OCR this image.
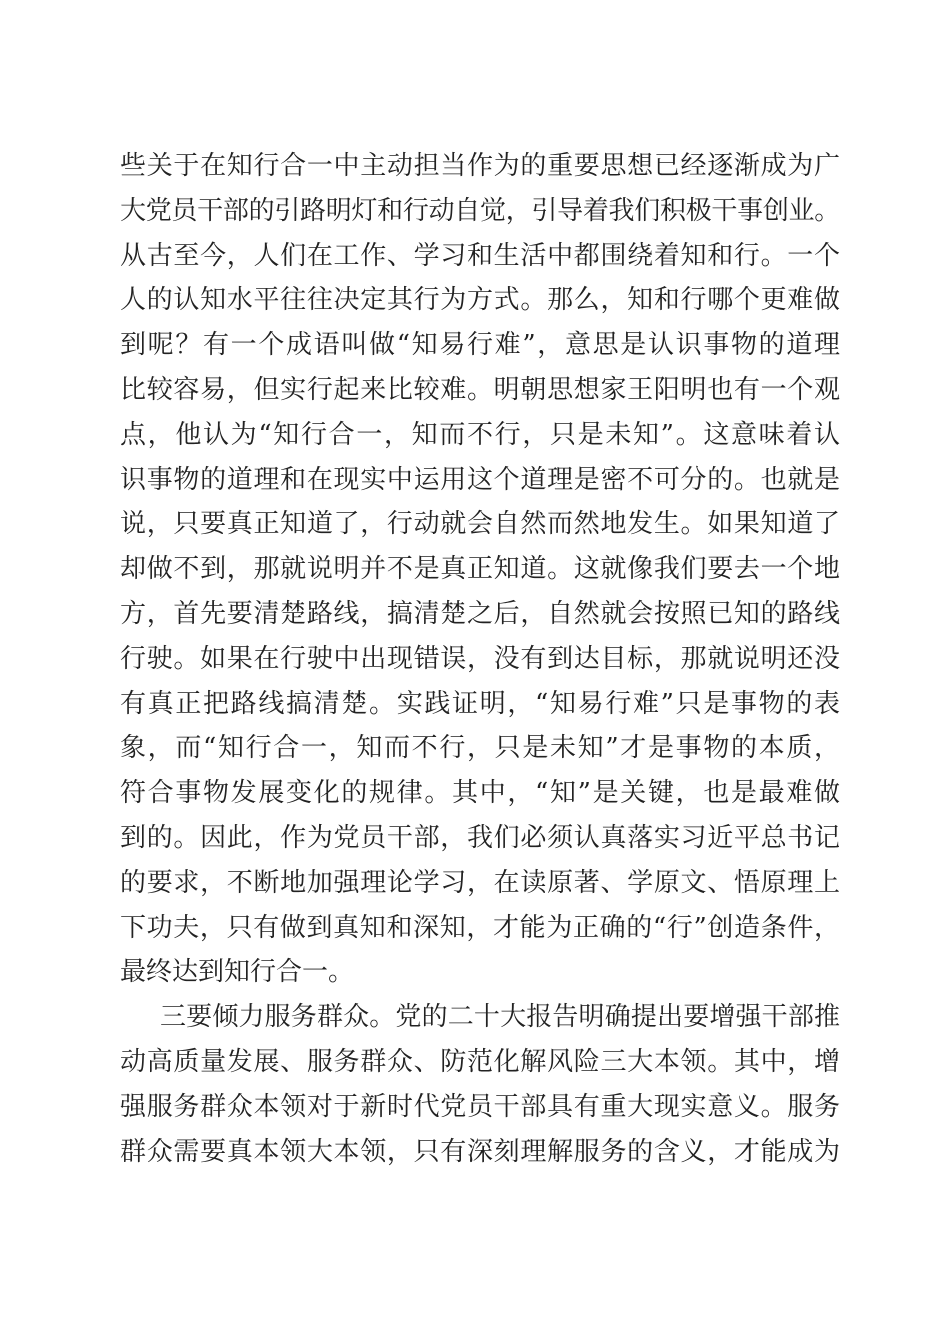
些关于在知行合一中主动担当作为的重要思想已经逐渐成为广
大党员干部的引路明灯和行动自觉，引导着我们积极干事创业。
从古至今，人们在工作、学习和生活中都围绕着知和行。一个
人的认知水平往往决定其行为方式。那么，知和行哪个更难做
到呢？有一个成语叫做“知易行难”，意思是认识事物的道理
比较容易，但实行起来比较难。明朝思想家王阳明也有一个观
点，他认为“知行合一，知而不行，只是未知”。这意味着认
识事物的道理和在现实中运用这个道理是密不可分的。也就是
说，只要真正知道了，行动就会自然而然地发生。如果知道了
却做不到，那就说明并不是真正知道。这就像我们要去一个地
方，首先要清楚路线，搞清楚之后，自然就会按照已知的路线
行驶。如果在行驶中出现错误，没有到达目标，那就说明还没
有真正把路线搞清楚。实践证明，“知易行难”只是事物的表
象，而“知行合一，知而不行，只是未知”才是事物的本质，
符合事物发展变化的规律。其中，“知”是关键，也是最难做
到的。因此，作为党员干部，我们必须认真落实习近平总书记
的要求，不断地加强理论学习，在读原著、学原文、悟原理上
下功夫，只有做到真知和深知，才能为正确的“行”创造条件，
最终达到知行合一。
三要倾力服务群众。党的二十大报告明确提出要增强干部推
动高质量发展、服务群众、防范化解风险三大本领。其中，增
强服务群众本领对于新时代党员干部具有重大现实意义。服务
群众需要真本领大本领，只有深刻理解服务的含义，才能成为
